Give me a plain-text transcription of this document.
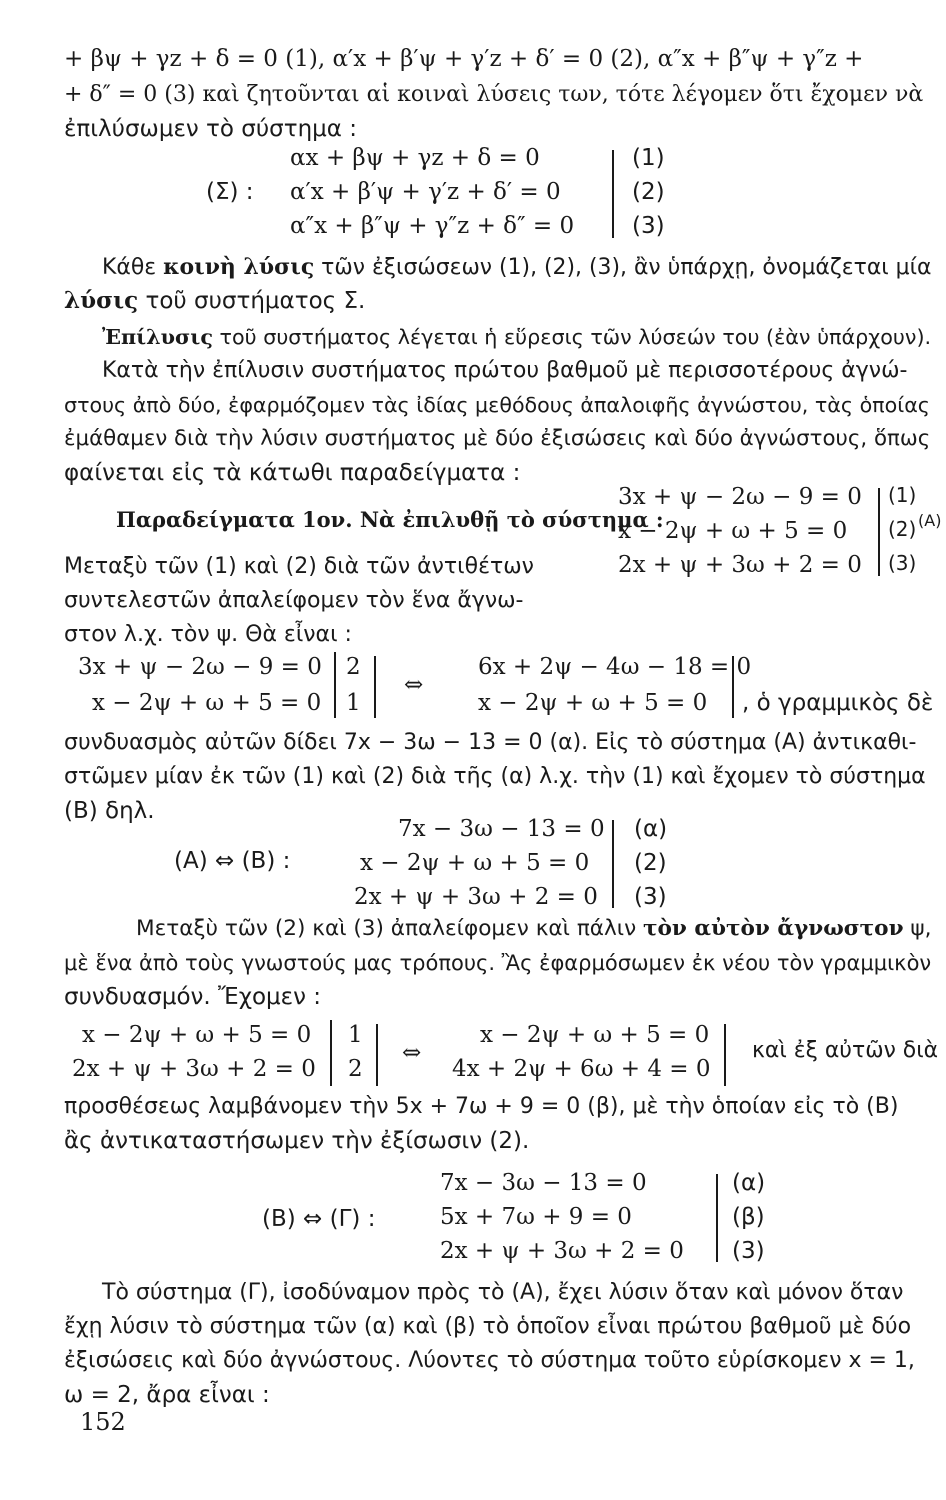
+ βψ + γz + δ = 0 (1), α′x + β′ψ + γ′z + δ′ = 0 (2), α″x + β″ψ + γ″z +
+ δ″ = 0 (3) καὶ ζητοῦνται αἱ κοιναὶ λύσεις των, τότε λέγομεν ὅτι ἔχομεν νὰ
ἐπιλύσωμεν τὸ σύστημα :
(Σ) :
αx + βψ + γz + δ = 0
α′x + β′ψ + γ′z + δ′ = 0
α″x + β″ψ + γ″z + δ″ = 0
(1)
(2)
(3)
Κάθε κοινὴ λύσις τῶν ἐξισώσεων (1), (2), (3), ἂν ὑπάρχῃ, ὀνομάζεται μία
λύσις τοῦ συστήματος Σ.
Ἐπίλυσις τοῦ συστήματος λέγεται ἡ εὕρεσις τῶν λύσεών του (ἐὰν ὑπάρχουν).
Κατὰ τὴν ἐπίλυσιν συστήματος πρώτου βαθμοῦ μὲ περισσοτέρους ἀγνώ-
στους ἀπὸ δύο, ἐφαρμόζομεν τὰς ἰδίας μεθόδους ἀπαλοιφῆς ἀγνώστου, τὰς ὁποίας
ἐμάθαμεν διὰ τὴν λύσιν συστήματος μὲ δύο ἐξισώσεις καὶ δύο ἀγνώστους, ὅπως
φαίνεται εἰς τὰ κάτωθι παραδείγματα :
Παραδείγματα 1ον. Νὰ ἐπιλυθῇ τὸ σύστημα :
3x + ψ − 2ω − 9 = 0
x − 2ψ + ω + 5 = 0
2x + ψ + 3ω + 2 = 0
(1)
(2)
(3)
(Α)
Μεταξὺ τῶν (1) καὶ (2) διὰ τῶν ἀντιθέτων
συντελεστῶν ἀπαλείφομεν τὸν ἕνα ἄγνω-
στον λ.χ. τὸν ψ. Θὰ εἶναι :
3x + ψ − 2ω − 9 = 0
x − 2ψ + ω + 5 = 0
2
1
⇔
6x + 2ψ − 4ω − 18 = 0
x − 2ψ + ω + 5 = 0 , ὁ γραμμικὸς δὲ
συνδυασμὸς αὐτῶν δίδει 7x − 3ω − 13 = 0 (α). Εἰς τὸ σύστημα (Α) ἀντικαθι-
στῶμεν μίαν ἐκ τῶν (1) καὶ (2) διὰ τῆς (α) λ.χ. τὴν (1) καὶ ἔχομεν τὸ σύστημα
(Β) δηλ.
(Α) ⇔ (Β) :
7x − 3ω − 13 = 0
x − 2ψ + ω + 5 = 0
2x + ψ + 3ω + 2 = 0
(α)
(2)
(3)
Μεταξὺ τῶν (2) καὶ (3) ἀπαλείφομεν καὶ πάλιν τὸν αὐτὸν ἄγνωστον ψ,
μὲ ἕνα ἀπὸ τοὺς γνωστούς μας τρόπους. Ἂς ἐφαρμόσωμεν ἐκ νέου τὸν γραμμικὸν
συνδυασμόν. Ἔχομεν :
x − 2ψ + ω + 5 = 0
2x + ψ + 3ω + 2 = 0
1
2
⇔
x − 2ψ + ω + 5 = 0
4x + 2ψ + 6ω + 4 = 0
καὶ ἐξ αὐτῶν διὰ
προσθέσεως λαμβάνομεν τὴν 5x + 7ω + 9 = 0 (β), μὲ τὴν ὁποίαν εἰς τὸ (Β)
ἂς ἀντικαταστήσωμεν τὴν ἐξίσωσιν (2).
(Β) ⇔ (Γ) :
7x − 3ω − 13 = 0
5x + 7ω + 9 = 0
2x + ψ + 3ω + 2 = 0
(α)
(β)
(3)
Τὸ σύστημα (Γ), ἰσοδύναμον πρὸς τὸ (Α), ἔχει λύσιν ὅταν καὶ μόνον ὅταν
ἔχῃ λύσιν τὸ σύστημα τῶν (α) καὶ (β) τὸ ὁποῖον εἶναι πρώτου βαθμοῦ μὲ δύο
ἐξισώσεις καὶ δύο ἀγνώστους. Λύοντες τὸ σύστημα τοῦτο εὑρίσκομεν x = 1,
ω = 2, ἄρα εἶναι :
152
